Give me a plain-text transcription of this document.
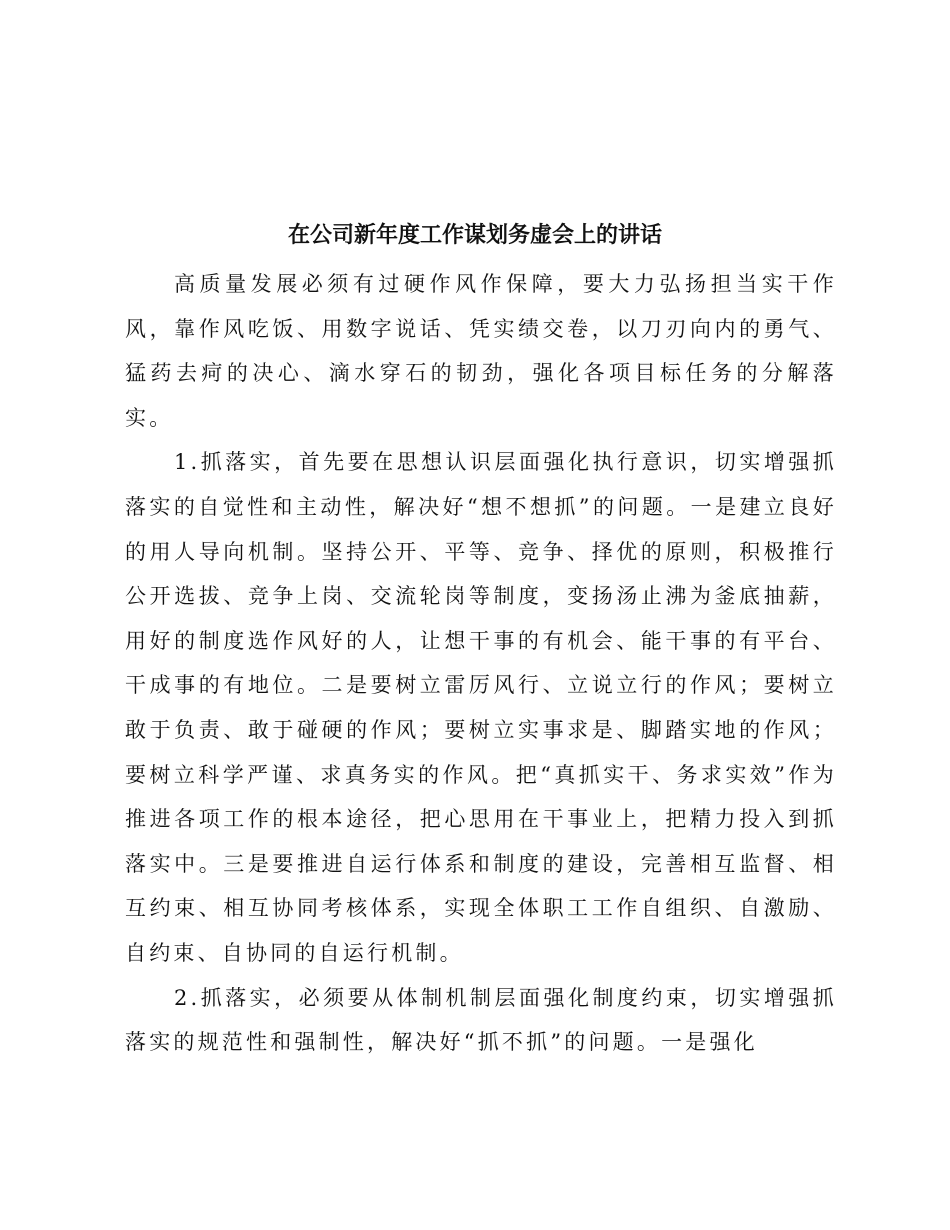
在公司新年度工作谋划务虚会上的讲话

高质量发展必须有过硬作风作保障，要大力弘扬担当实干作风，靠作风吃饭、用数字说话、凭实绩交卷，以刀刃向内的勇气、猛药去疴的决心、滴水穿石的韧劲，强化各项目标任务的分解落实。

1.抓落实，首先要在思想认识层面强化执行意识，切实增强抓落实的自觉性和主动性，解决好“想不想抓”的问题。一是建立良好的用人导向机制。坚持公开、平等、竞争、择优的原则，积极推行公开选拔、竞争上岗、交流轮岗等制度，变扬汤止沸为釜底抽薪，用好的制度选作风好的人，让想干事的有机会、能干事的有平台、干成事的有地位。二是要树立雷厉风行、立说立行的作风；要树立敢于负责、敢于碰硬的作风；要树立实事求是、脚踏实地的作风；要树立科学严谨、求真务实的作风。把“真抓实干、务求实效”作为推进各项工作的根本途径，把心思用在干事业上，把精力投入到抓落实中。三是要推进自运行体系和制度的建设，完善相互监督、相互约束、相互协同考核体系，实现全体职工工作自组织、自激励、自约束、自协同的自运行机制。

2.抓落实，必须要从体制机制层面强化制度约束，切实增强抓落实的规范性和强制性，解决好“抓不抓”的问题。一是强化
